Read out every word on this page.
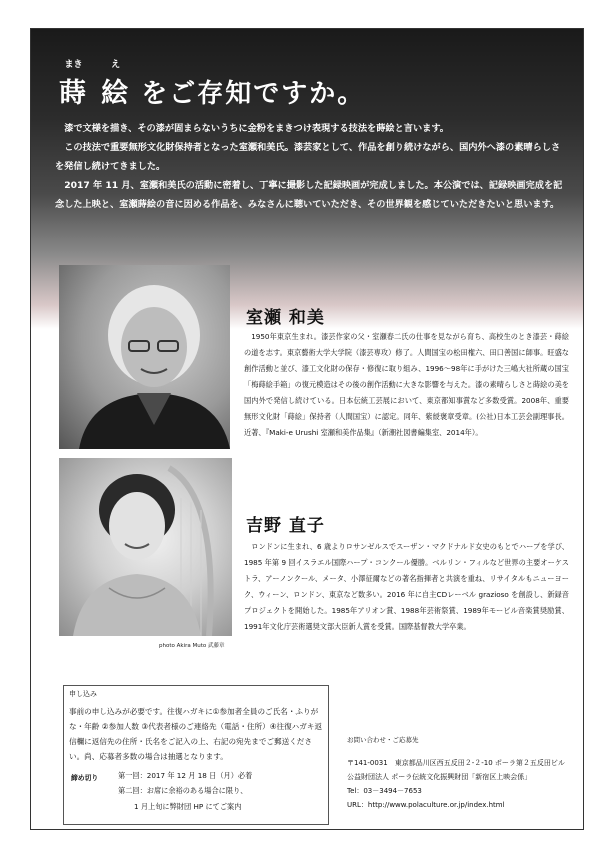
まき
蒔
え
絵 をご存知ですか。

漆で文様を描き、その漆が固まらないうちに金粉をまきつけ表現する技法を蒔絵と言います。

この技法で重要無形文化財保持者となった室瀬和美氏。漆芸家として、作品を創り続けながら、国内外へ漆の素晴らしさを発信し続けてきました。

2017 年 11 月、室瀬和美氏の活動に密着し、丁寧に撮影した記録映画が完成しました。本公演では、記録映画完成を記念した上映と、室瀬蒔絵の音に因める作品を、みなさんに聴いていただき、その世界観を感じていただきたいと思います。

室瀬 和美

1950年東京生まれ。漆芸作家の父・室瀬春二氏の仕事を見ながら育ち、高校生のとき漆芸・蒔絵の道を志す。東京藝術大学大学院（漆芸専攻）修了。人間国宝の松田権六、田口善国に師事。旺盛な創作活動と並び、漆工文化財の保存・修復に取り組み、1996～98年に手がけた三嶋大社所蔵の国宝「梅蒔絵手箱」の復元模造はその後の創作活動に大きな影響を与えた。漆の素晴らしさと蒔絵の美を国内外で発信し続けている。日本伝統工芸展において、東京都知事賞など多数受賞。2008年、重要無形文化財「蒔絵」保持者（人間国宝）に認定。同年、紫綬褒章受章。(公社)日本工芸会副理事長。近著、『Maki-e Urushi 室瀬和美作品集』（新潮社図書編集室、2014年）。

吉野 直子

ロンドンに生まれ、6 歳よりロサンゼルスでスーザン・マクドナルド女史のもとでハープを学び、1985 年第 9 回イスラエル国際ハープ・コンクール優勝。ベルリン・フィルなど世界の主要オーケストラ、アーノンクール、メータ、小澤征爾などの著名指揮者と共演を重ね、リサイタルもニューヨーク、ウィーン、ロンドン、東京など数多い。2016 年に自主CDレーベル grazioso を創設し、新録音プロジェクトを開始した。1985年アリオン賞、1988年芸術祭賞、1989年モービル音楽賞奨励賞、1991年文化庁芸術選奨文部大臣新人賞を受賞。国際基督教大学卒業。

photo Akira Muto 武藤章
申し込み
事前の申し込みが必要です。往復ハガキに①参加者全員のご氏名・ふりがな・年齢 ②参加人数 ③代表者様のご連絡先（電話・住所）④往復ハガキ返信欄に返信先の住所・氏名をご記入の上、右記の宛先までご郵送ください。尚、応募者多数の場合は抽選となります。
締め切り	第一回：2017 年 12 月 18 日（月）必着
第二回：お席に余裕のある場合に限り、
1 月上旬に弊財団 HP にてご案内
お問い合わせ・ご応募先
〒141-0031　東京都品川区西五反田２-２-10 ポーラ第２五反田ビル
公益財団法人 ポーラ伝統文化振興財団「新宿区上映会係」
Tel：03－3494－7653
URL：http://www.polaculture.or.jp/index.html
